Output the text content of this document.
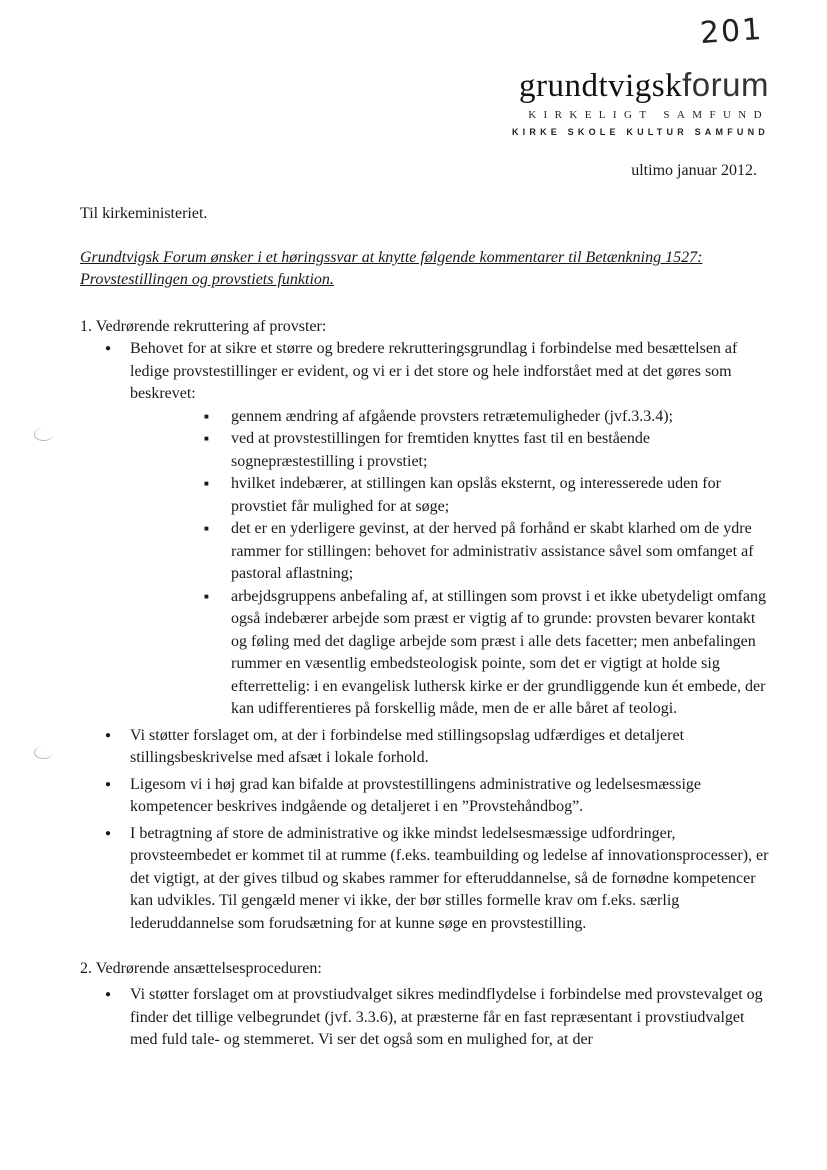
201
grundtvigskforum
KIRKELIGT SAMFUND
KIRKE SKOLE KULTUR SAMFUND
ultimo januar 2012.
Til kirkeministeriet.
Grundtvigsk Forum ønsker i et høringssvar at knytte følgende kommentarer til Betænkning 1527: Provstestillingen og provstiets funktion.
1. Vedrørende rekruttering af provster:
● Behovet for at sikre et større og bredere rekrutteringsgrundlag i forbindelse med besættelsen af ledige provstestillinger er evident, og vi er i det store og hele indforstået med at det gøres som beskrevet:
■ gennem ændring af afgående provsters retrætemuligheder (jvf.3.3.4);
■ ved at provstestillingen for fremtiden knyttes fast til en bestående sognepræstestilling i provstiet;
■ hvilket indebærer, at stillingen kan opslås eksternt, og interesserede uden for provstiet får mulighed for at søge;
■ det er en yderligere gevinst, at der herved på forhånd er skabt klarhed om de ydre rammer for stillingen: behovet for administrativ assistance såvel som omfanget af pastoral aflastning;
■ arbejdsgruppens anbefaling af, at stillingen som provst i et ikke ubetydeligt omfang også indebærer arbejde som præst er vigtig af to grunde: provsten bevarer kontakt og føling med det daglige arbejde som præst i alle dets facetter; men anbefalingen rummer en væsentlig embedsteologisk pointe, som det er vigtigt at holde sig efterrettelig: i en evangelisk luthersk kirke er der grundliggende kun ét embede, der kan udifferentieres på forskellig måde, men de er alle båret af teologi.
● Vi støtter forslaget om, at der i forbindelse med stillingsopslag udfærdiges et detaljeret stillingsbeskrivelse med afsæt i lokale forhold.
● Ligesom vi i høj grad kan bifalde at provstestillingens administrative og ledelsesmæssige kompetencer beskrives indgående og detaljeret i en ”Provstehåndbog”.
● I betragtning af store de administrative og ikke mindst ledelsesmæssige udfordringer, provsteembedet er kommet til at rumme (f.eks. teambuilding og ledelse af innovationsprocesser), er det vigtigt, at der gives tilbud og skabes rammer for efteruddannelse, så de fornødne kompetencer kan udvikles. Til gengæld mener vi ikke, der bør stilles formelle krav om f.eks. særlig lederuddannelse som forudsætning for at kunne søge en provstestilling.
2. Vedrørende ansættelsesproceduren:
● Vi støtter forslaget om at provstiudvalget sikres medindflydelse i forbindelse med provstevalget og finder det tillige velbegrundet (jvf. 3.3.6), at præsterne får en fast repræsentant i provstiudvalget med fuld tale- og stemmeret. Vi ser det også som en mulighed for, at der
